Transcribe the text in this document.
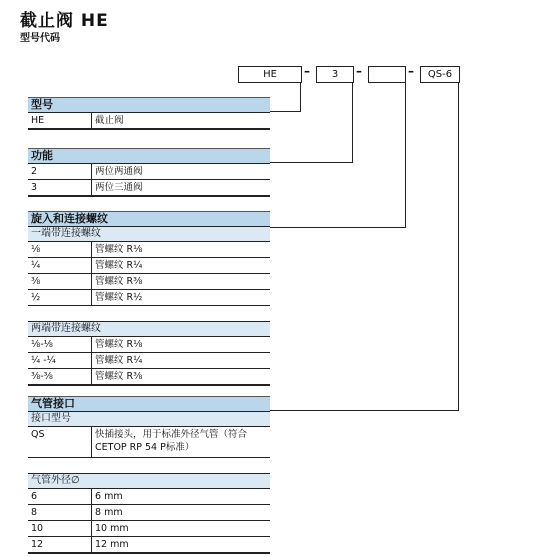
截止阀 HE
型号代码
HE	–	3	–	–	QS-6
型号
HE	截止阀
功能
2	两位两通阀
3	两位三通阀
旋入和连接螺纹
一端带连接螺纹
⅛	管螺纹 R⅛
¼	管螺纹 R¼
⅜	管螺纹 R⅜
½	管螺纹 R½
两端带连接螺纹
⅛-⅛	管螺纹 R⅛
¼ -¼	管螺纹 R¼
⅜-⅜	管螺纹 R⅜
气管接口
接口型号
QS	快插接头，用于标准外径气管（符合
CETOP RP 54 P标准）
气管外径∅
6	6 mm
8	8 mm
10	10 mm
12	12 mm
